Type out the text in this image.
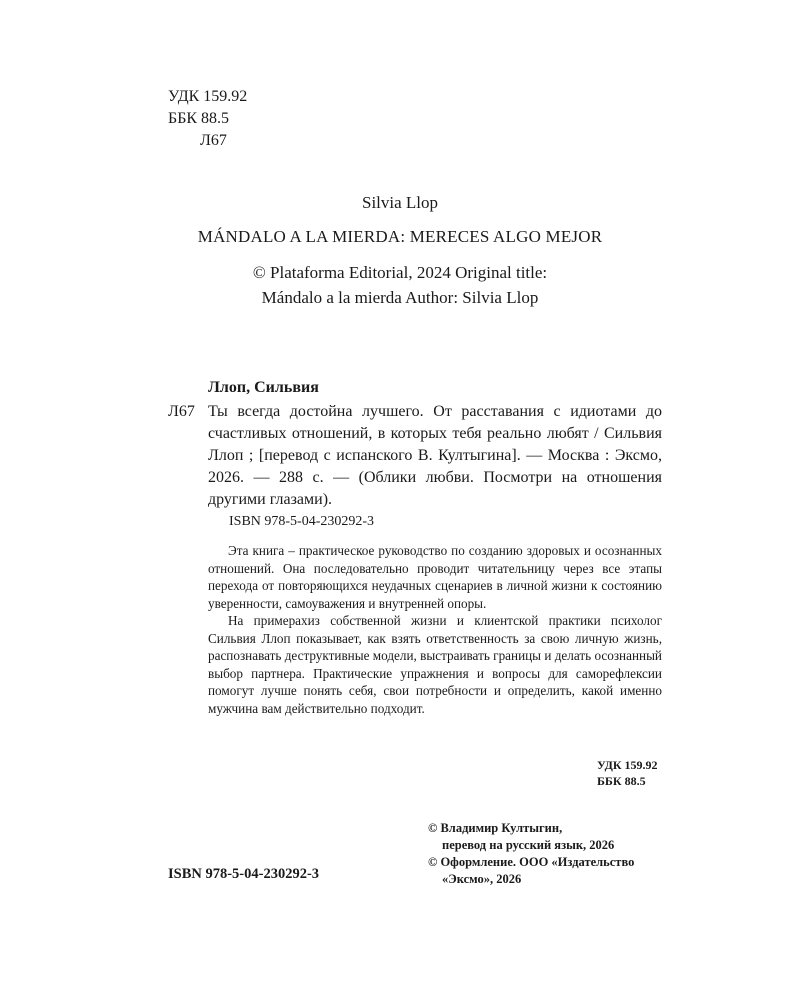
УДК 159.92
ББК 88.5
Л67
Silvia Llop
MÁNDALO A LA MIERDA: MERECES ALGO MEJOR
© Plataforma Editorial, 2024 Original title:
Mándalo a la mierda Author: Silvia Llop
Ллоп, Сильвия
Л67 Ты всегда достойна лучшего. От расставания с идиотами до счастливых отношений, в которых тебя реально любят / Сильвия Ллоп ; [перевод с испанского В. Култыгина]. — Москва : Эксмо, 2026. — 288 с. — (Облики любви. Посмотри на отношения другими глазами).
ISBN 978-5-04-230292-3

Эта книга – практическое руководство по созданию здоровых и осознанных отношений. Она последовательно проводит читательницу через все этапы перехода от повторяющихся неудачных сценариев в личной жизни к состоянию уверенности, самоуважения и внутренней опоры.

На примерахиз собственной жизни и клиентской практики психолог Сильвия Ллоп показывает, как взять ответственность за свою личную жизнь, распознавать деструктивные модели, выстраивать границы и делать осознанный выбор партнера. Практические упражнения и вопросы для саморефлексии помогут лучше понять себя, свои потребности и определить, какой именно мужчина вам действительно подходит.

УДК 159.92
ББК 88.5
© Владимир Култыгин,
перевод на русский язык, 2026
© Оформление. ООО «Издательство
«Эксмо», 2026
ISBN 978-5-04-230292-3
